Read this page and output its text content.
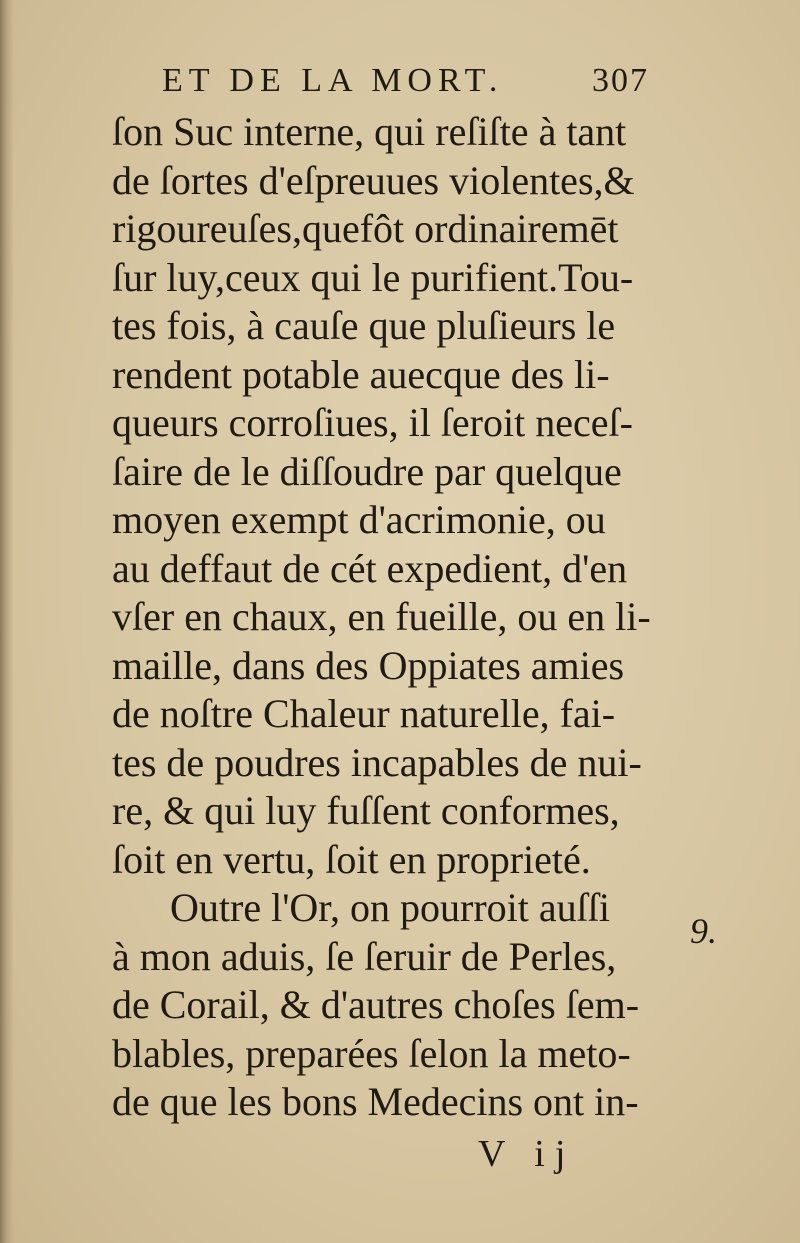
ET DE LA MORT.	307
ſon Suc interne, qui reſiſte à tant
de ſortes d'eſpreuues violentes,&
rigoureuſes,quefôt ordinairemēt
ſur luy,ceux qui le purifient.Tou-
tes fois, à cauſe que pluſieurs le
rendent potable auecque des li-
queurs corroſiues, il ſeroit neceſ-
ſaire de le diſſoudre par quelque
moyen exempt d'acrimonie, ou
au deffaut de cét expedient, d'en
vſer en chaux, en fueille, ou en li-
maille, dans des Oppiates amies
de noſtre Chaleur naturelle, fai-
tes de poudres incapables de nui-
re, & qui luy fuſſent conformes,
ſoit en vertu, ſoit en proprieté.
Outre l'Or, on pourroit auſſi
à mon aduis, ſe ſeruir de Perles,
de Corail, & d'autres choſes ſem-
blables, preparées ſelon la meto-
de que les bons Medecins ont in-
9.
V ij
